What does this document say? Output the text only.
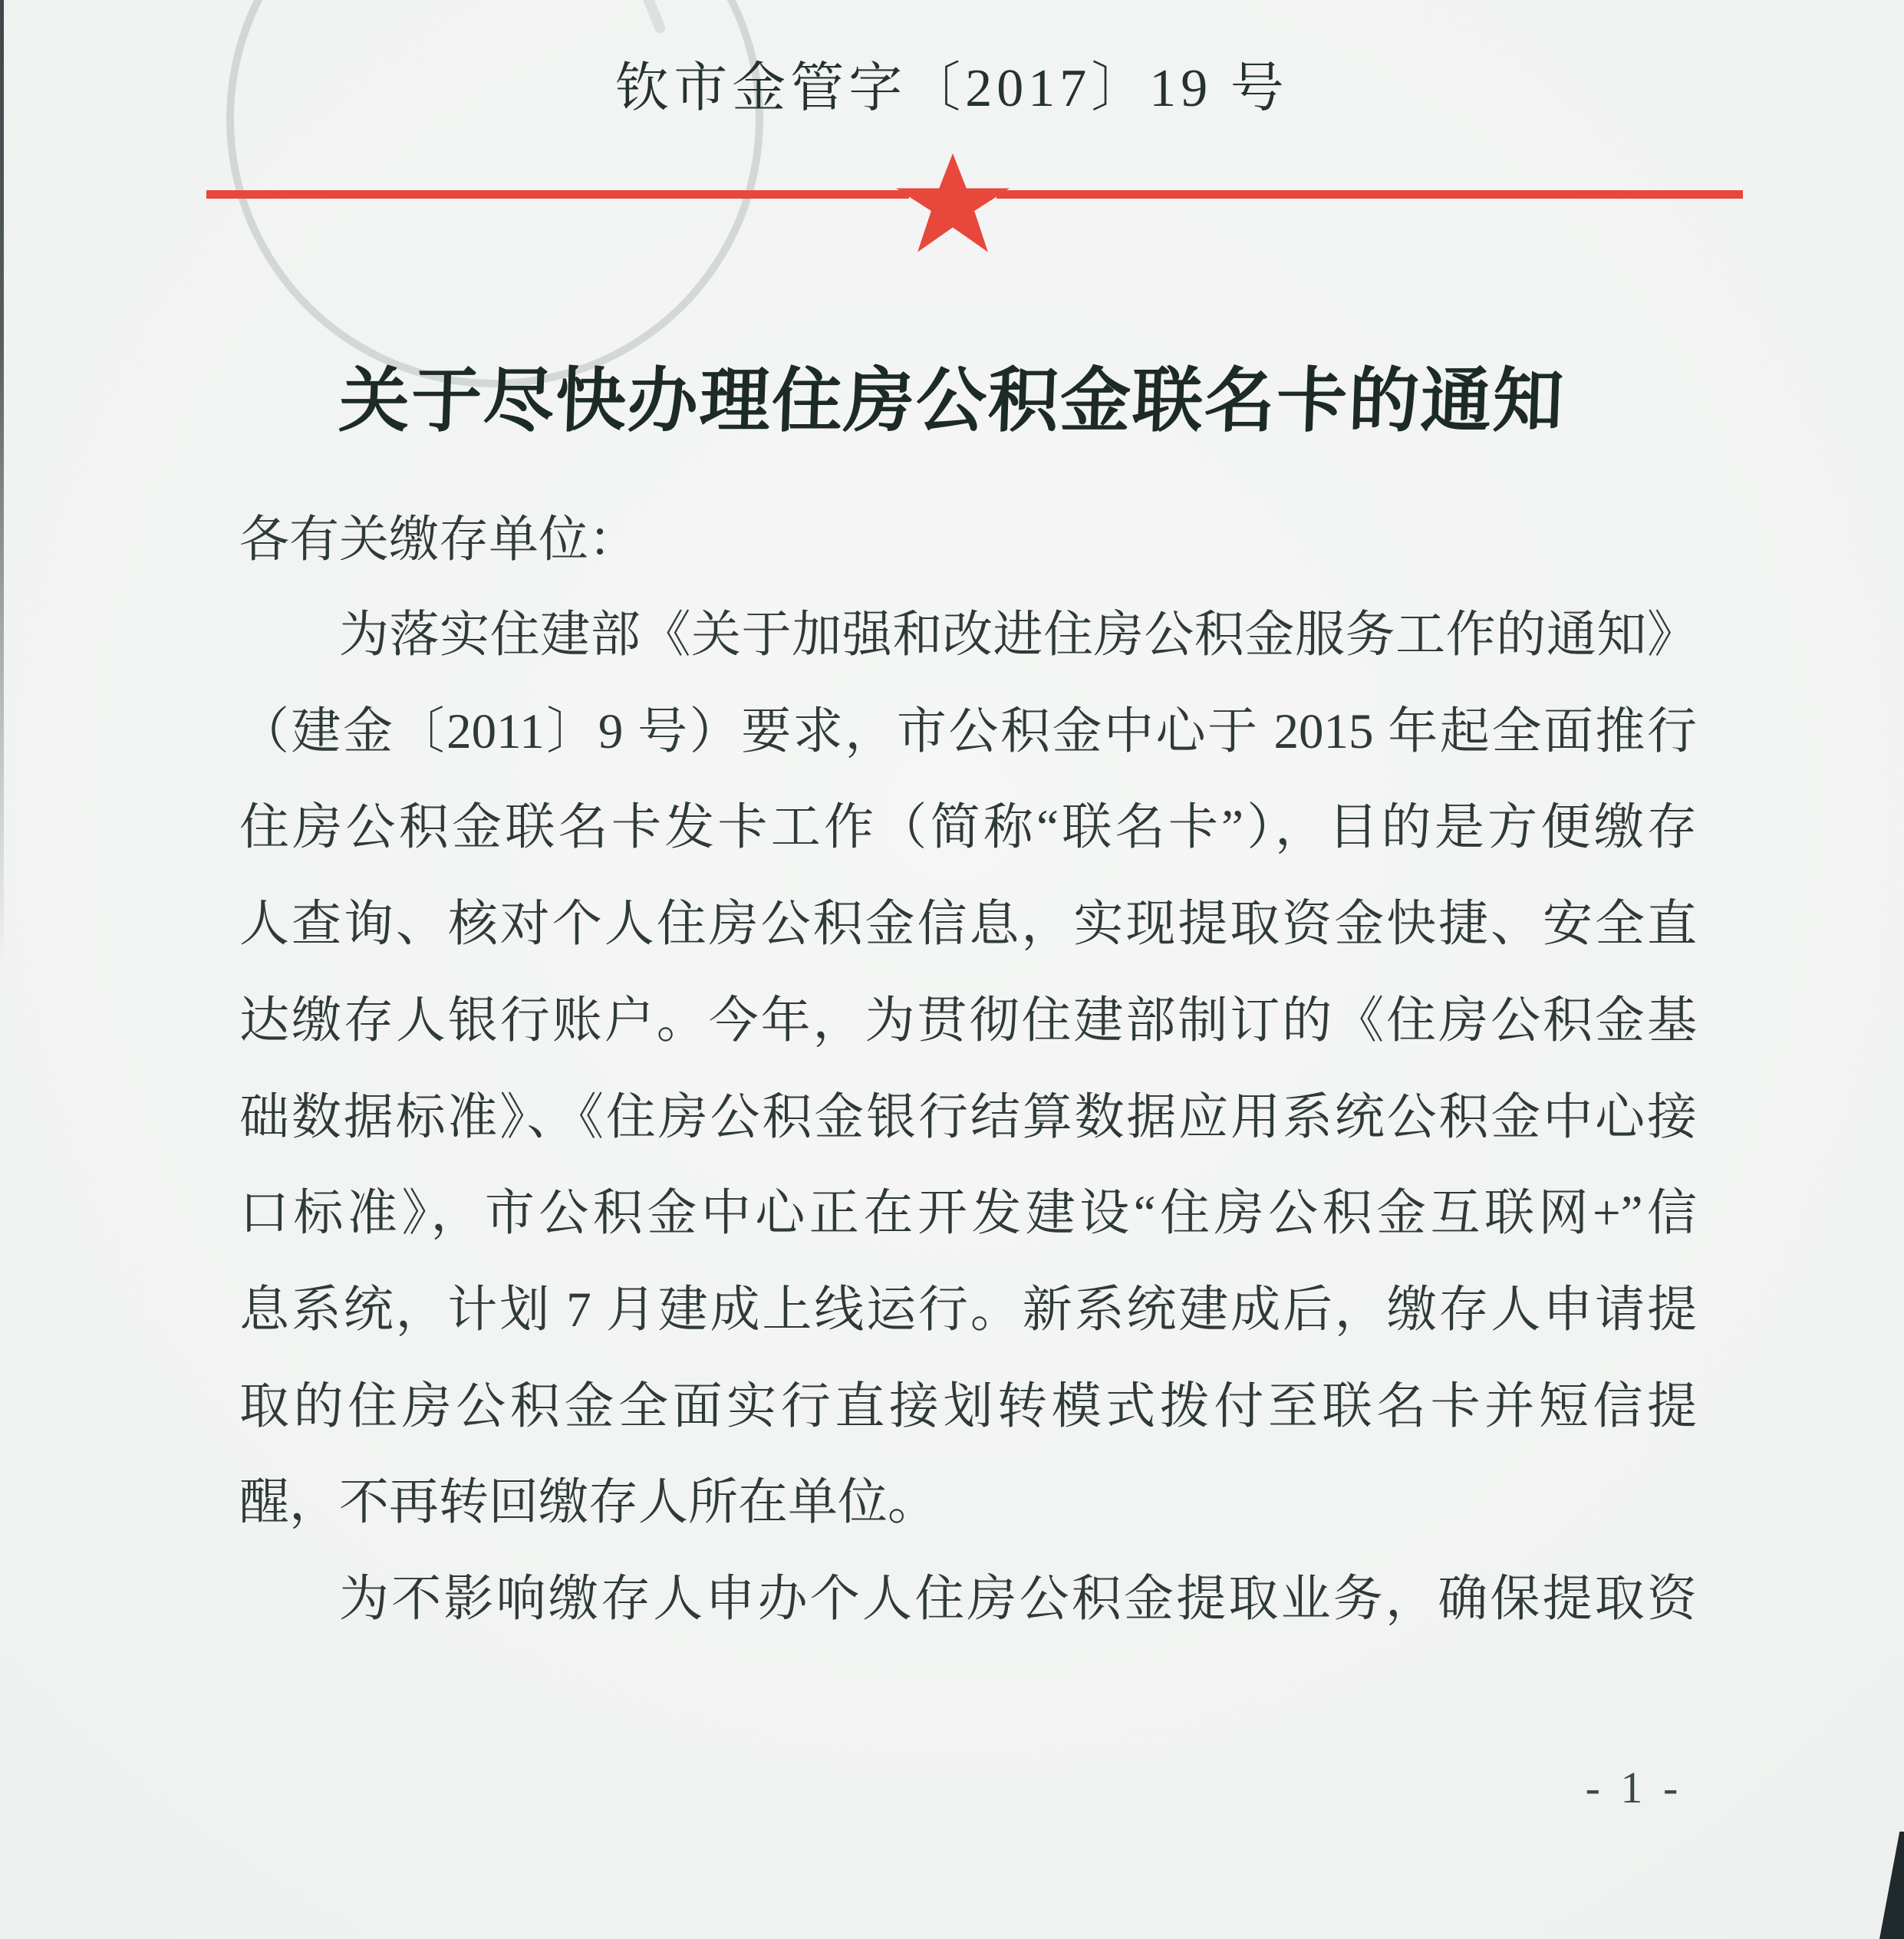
钦市金管字〔2017〕19 号
关于尽快办理住房公积金联名卡的通知
各有关缴存单位：
为落实住建部《关于加强和改进住房公积金服务工作的通知》
（建金〔2011〕9 号）要求，市公积金中心于 2015 年起全面推行
住房公积金联名卡发卡工作（简称“联名卡”），目的是方便缴存
人查询、核对个人住房公积金信息，实现提取资金快捷、安全直
达缴存人银行账户。今年，为贯彻住建部制订的《住房公积金基
础数据标准》、《住房公积金银行结算数据应用系统公积金中心接
口标准》，市公积金中心正在开发建设“住房公积金互联网+”信
息系统，计划 7 月建成上线运行。新系统建成后，缴存人申请提
取的住房公积金全面实行直接划转模式拨付至联名卡并短信提
醒，不再转回缴存人所在单位。
为不影响缴存人申办个人住房公积金提取业务，确保提取资
- 1 -
